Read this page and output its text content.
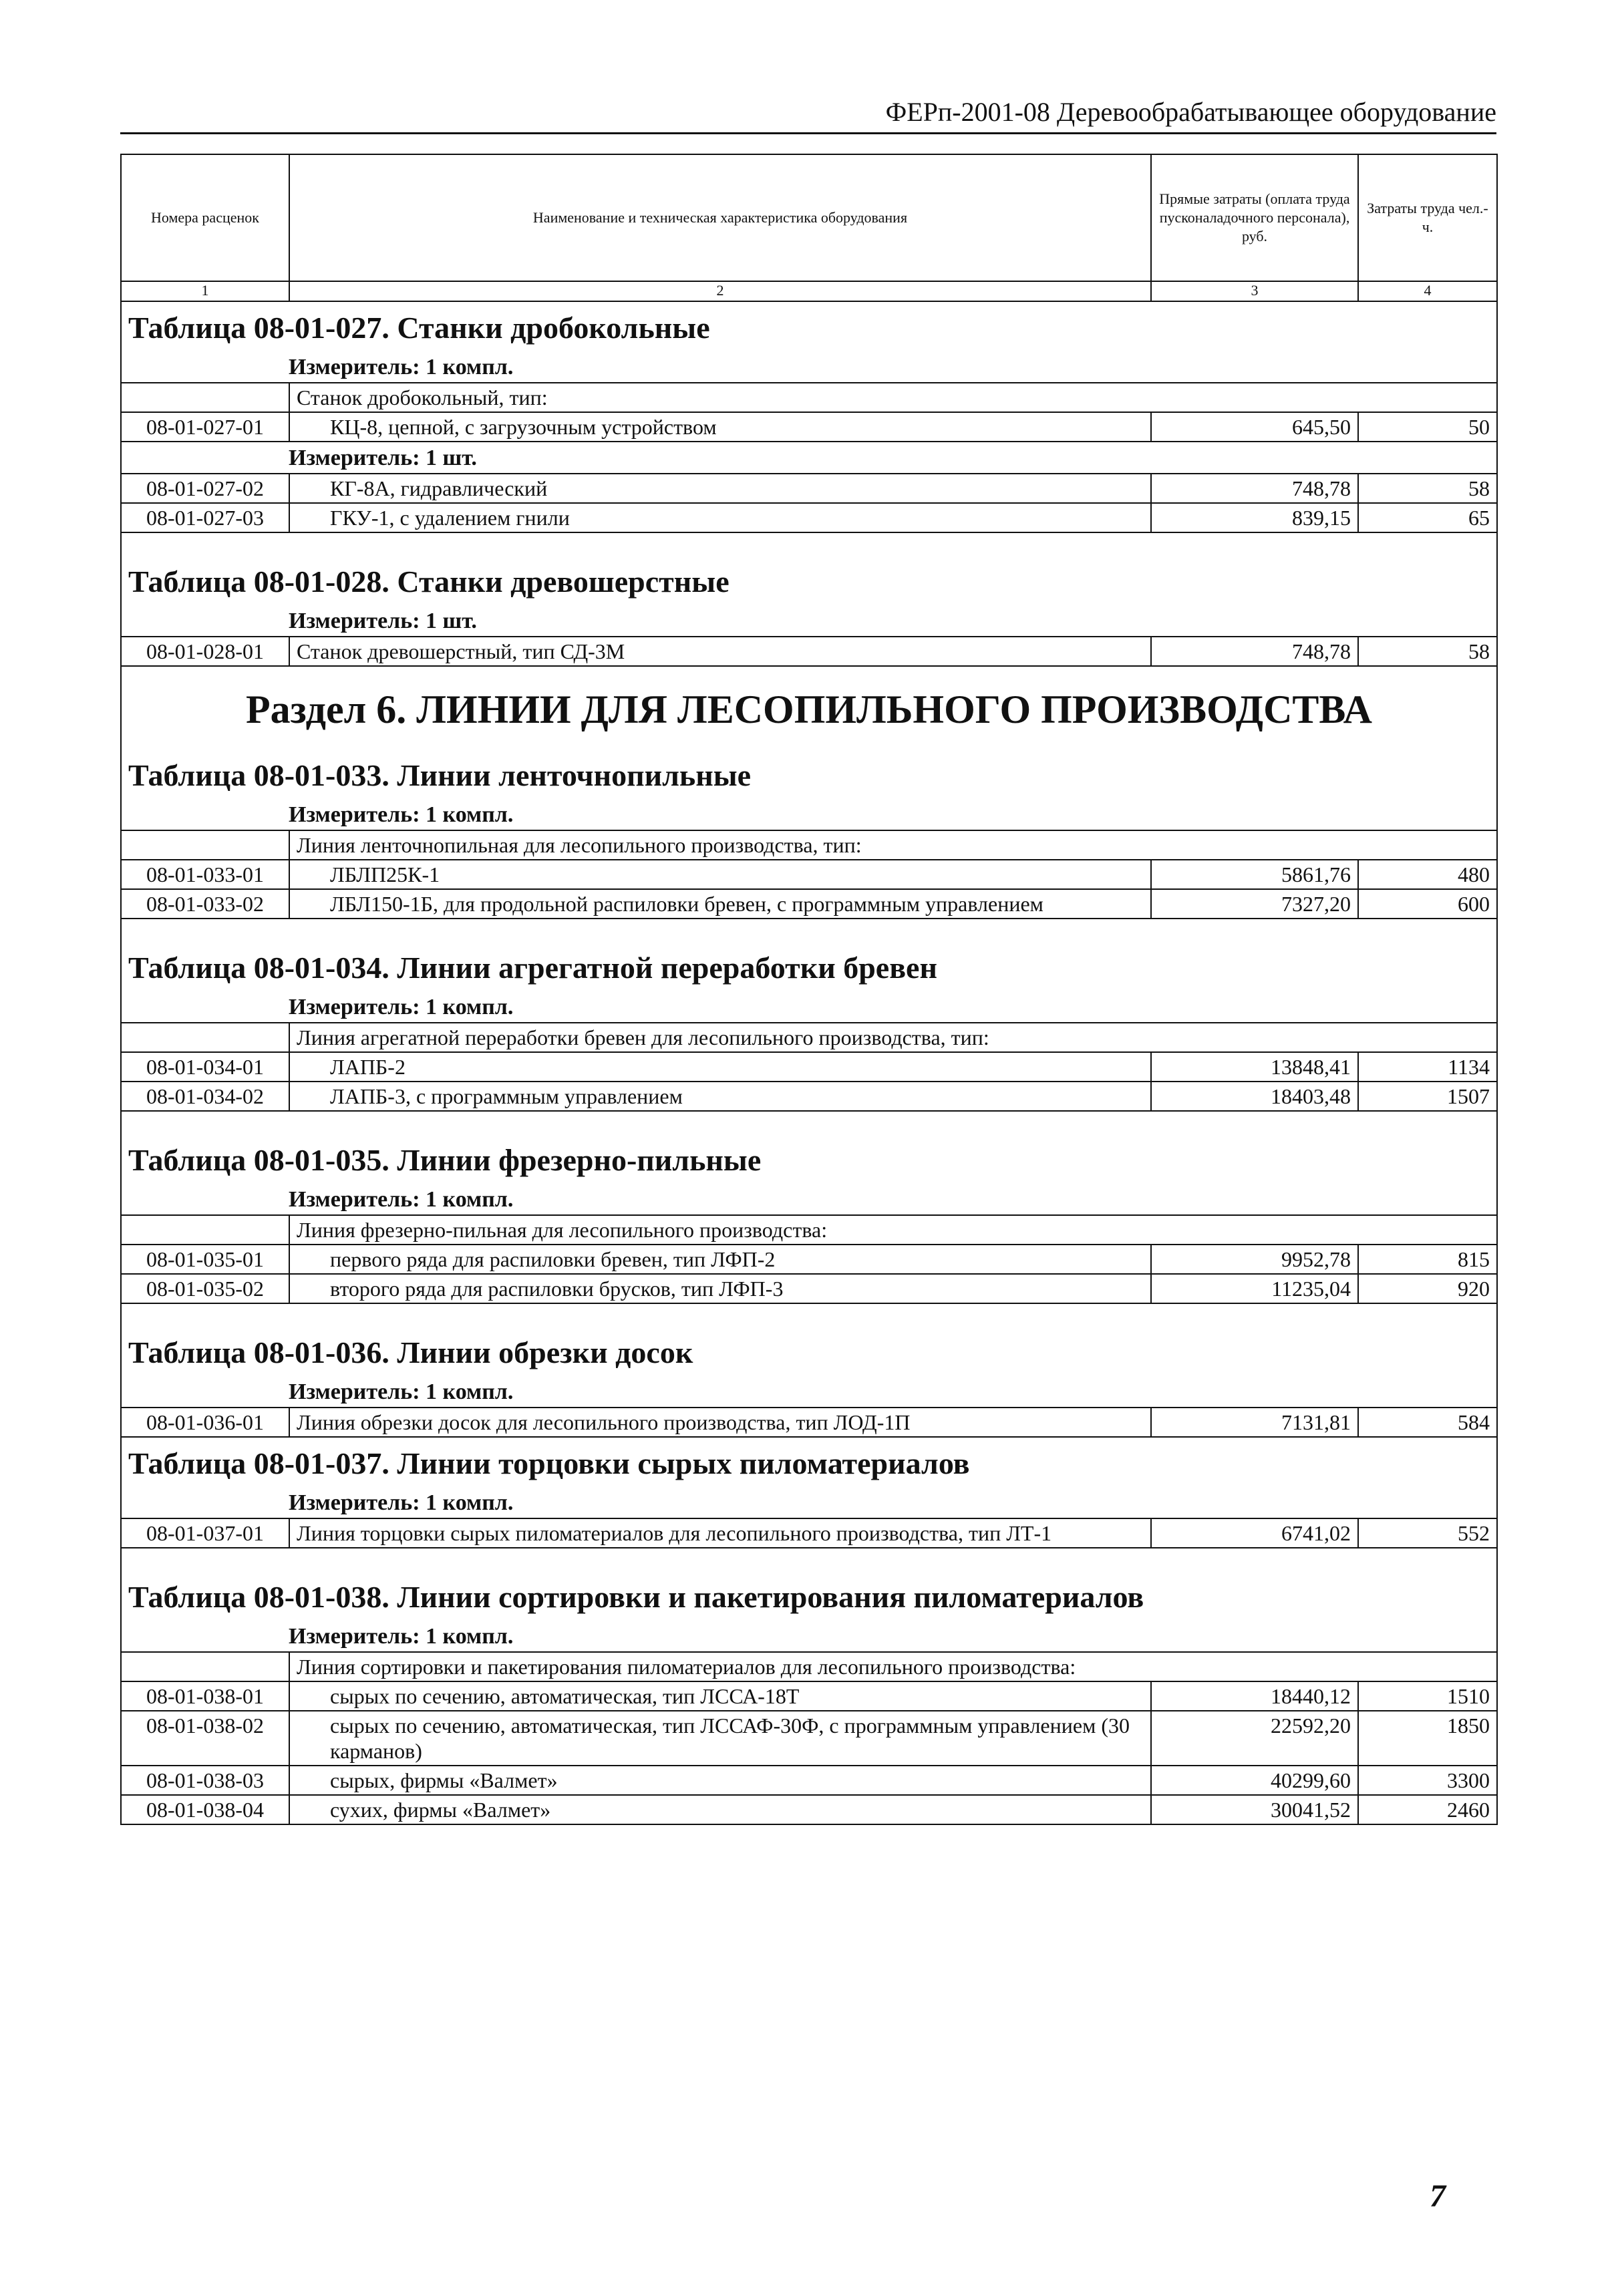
ФЕРп-2001-08 Деревообрабатывающее оборудование
Номера расценок	Наименование и техническая характеристика оборудования	Прямые затраты (оплата труда пусконаладочного персонала), руб.	Затраты труда чел.-ч.
1	2	3	4
Таблица 08-01-027. Станки дробокольные			
Измеритель: 1 компл.			
	Станок дробокольный, тип:		
08-01-027-01	КЦ-8, цепной, с загрузочным устройством	645,50	50
Измеритель: 1 шт.			
08-01-027-02	КГ-8А, гидравлический	748,78	58
08-01-027-03	ГКУ-1, с удалением гнили	839,15	65

Таблица 08-01-028. Станки древошерстные			
Измеритель: 1 шт.			
08-01-028-01	Станок древошерстный, тип СД-3М	748,78	58
Раздел 6. ЛИНИИ ДЛЯ ЛЕСОПИЛЬНОГО ПРОИЗВОДСТВА			
Таблица 08-01-033. Линии ленточнопильные			
Измеритель: 1 компл.			
	Линия ленточнопильная для лесопильного производства, тип:		
08-01-033-01	ЛБЛП25К-1	5861,76	480
08-01-033-02	ЛБЛ150-1Б, для продольной распиловки бревен, с программным управлением	7327,20	600

Таблица 08-01-034. Линии агрегатной переработки бревен			
Измеритель: 1 компл.			
	Линия агрегатной переработки бревен для лесопильного производства, тип:		
08-01-034-01	ЛАПБ-2	13848,41	1134
08-01-034-02	ЛАПБ-3, с программным управлением	18403,48	1507

Таблица 08-01-035. Линии фрезерно-пильные			
Измеритель: 1 компл.			
	Линия фрезерно-пильная для лесопильного производства:		
08-01-035-01	первого ряда для распиловки бревен, тип ЛФП-2	9952,78	815
08-01-035-02	второго ряда для распиловки брусков, тип ЛФП-3	11235,04	920

Таблица 08-01-036. Линии обрезки досок			
Измеритель: 1 компл.			
08-01-036-01	Линия обрезки досок для лесопильного производства, тип ЛОД-1П	7131,81	584
Таблица 08-01-037. Линии торцовки сырых пиломатериалов			
Измеритель: 1 компл.			
08-01-037-01	Линия торцовки сырых пиломатериалов для лесопильного производства, тип ЛТ-1	6741,02	552

Таблица 08-01-038. Линии сортировки и пакетирования пиломатериалов			
Измеритель: 1 компл.			
	Линия сортировки и пакетирования пиломатериалов для лесопильного производства:		
08-01-038-01	сырых по сечению, автоматическая, тип ЛССА-18Т	18440,12	1510
08-01-038-02	сырых по сечению, автоматическая, тип ЛССАФ-30Ф, с программным управлением (30 карманов)	22592,20	1850
08-01-038-03	сырых, фирмы «Валмет»	40299,60	3300
08-01-038-04	сухих, фирмы «Валмет»	30041,52	2460
7
